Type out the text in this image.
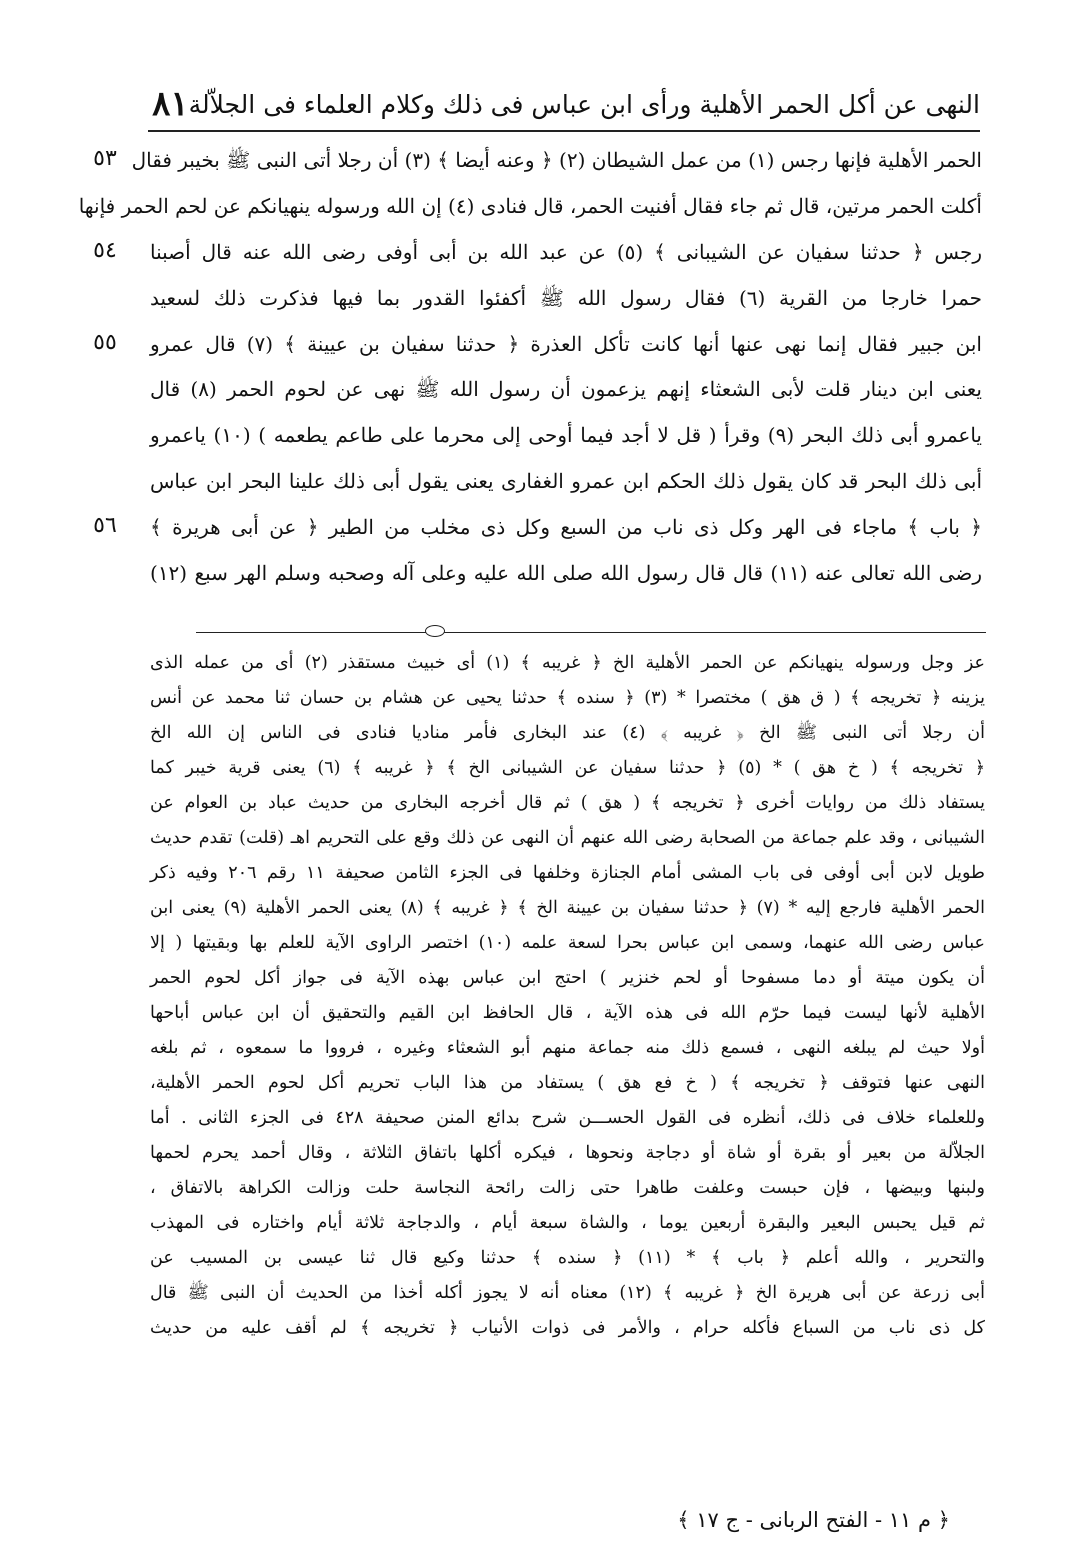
النهى عن أكل الحمر الأهلية ورأى ابن عباس فى ذلك وكلام العلماء فى الجلاّلة
٨١
٥٣
٥٤
٥٥
٥٦
الحمر الأهلية فإنها رجس (١) من عمل الشيطان (٢) ﴿ وعنه أيضا ﴾ (٣) أن رجلا أتى النبى ﷺ بخيبر فقال
أكلت الحمر مرتين، قال ثم جاء فقال أفنيت الحمر، قال فنادى (٤) إن الله ورسوله ينهيانكم عن لحم الحمر فإنها
رجس ﴿ حدثنا سفيان عن الشيبانى ﴾ (٥) عن عبد الله بن أبى أوفى رضى الله عنه قال أصبنا
حمرا خارجا من القرية (٦) فقال رسول الله ﷺ أكفئوا القدور بما فيها فذكرت ذلك لسعيد
ابن جبير فقال إنما نهى عنها أنها كانت تأكل العذرة ﴿ حدثنا سفيان بن عيينة ﴾ (٧) قال عمرو
يعنى ابن دينار قلت لأبى الشعثاء إنهم يزعمون أن رسول الله ﷺ نهى عن لحوم الحمر (٨) قال
ياعمرو أبى ذلك البحر (٩) وقرأ ( قل لا أجد فيما أوحى إلى محرما على طاعم يطعمه ) (١٠) ياعمرو
أبى ذلك البحر قد كان يقول ذلك الحكم ابن عمرو الغفارى يعنى يقول أبى ذلك علينا البحر ابن عباس
﴿ باب ﴾ ماجاء فى الهر وكل ذى ناب من السبع وكل ذى مخلب من الطير ﴿ عن أبى هريرة ﴾
رضى الله تعالى عنه (١١) قال قال رسول الله صلى الله عليه وعلى آله وصحبه وسلم الهر سبع (١٢)
عز وجل ورسوله ينهيانكم عن الحمر الأهلية الخ ﴿ غريبه ﴾ (١) أى خبيث مستقذر (٢) أى من عمله الذى
يزينه ﴿ تخريجه ﴾ ( ق هق ) مختصرا * (٣) ﴿ سنده ﴾ حدثنا يحيى عن هشام بن حسان ثنا محمد عن أنس
أن رجلا أتى النبى ﷺ الخ ﴿ غريبه ﴾ (٤) عند البخارى فأمر مناديا فنادى فى الناس إن الله الخ
﴿ تخريجه ﴾ ( خ هق ) * (٥) ﴿ حدثنا سفيان عن الشيبانى الخ ﴾ ﴿ غريبه ﴾ (٦) يعنى قرية خيبر كما
يستفاد ذلك من روايات أخرى ﴿ تخريجه ﴾ ( هق ) ثم قال أخرجه البخارى من حديث عباد بن العوام عن
الشيبانى ، وقد علم جماعة من الصحابة رضى الله عنهم أن النهى عن ذلك وقع على التحريم اهـ (قلت) تقدم حديث
طويل لابن أبى أوفى فى باب المشى أمام الجنازة وخلفها فى الجزء الثامن صحيفة ١١ رقم ٢٠٦ وفيه ذكر
الحمر الأهلية فارجع إليه * (٧) ﴿ حدثنا سفيان بن عيينة الخ ﴾ ﴿ غريبه ﴾ (٨) يعنى الحمر الأهلية (٩) يعنى ابن
عباس رضى الله عنهما، وسمى ابن عباس بحرا لسعة علمه (١٠) اختصر الراوى الآية للعلم بها وبقيتها ( إلا
أن يكون ميتة أو دما مسفوحا أو لحم خنزير ) احتج ابن عباس بهذه الآية فى جواز أكل لحوم الحمر
الأهلية لأنها ليست فيما حرّم الله فى هذه الآية ، قال الحافظ ابن القيم والتحقيق أن ابن عباس أباحها
أولا حيث لم يبلغه النهى ، فسمع ذلك منه جماعة منهم أبو الشعثاء وغيره ، فرووا ما سمعوه ، ثم بلغه
النهى عنها فتوقف ﴿ تخريجه ﴾ ( خ فع هق ) يستفاد من هذا الباب تحريم أكل لحوم الحمر الأهلية،
وللعلماء خلاف فى ذلك، أنظره فى القول الحســـن شرح بدائع المنن صحيفة ٤٢٨ فى الجزء الثانى . أما
الجلاّلة من بعير أو بقرة أو شاة أو دجاجة ونحوها ، فيكره أكلها باتفاق الثلاثة ، وقال أحمد يحرم لحمها
ولبنها وبيضها ، فإن حبست وعلفت طاهرا حتى زالت رائحة النجاسة حلت وزالت الكراهة بالاتفاق ،
ثم قيل يحبس البعير والبقرة أربعين يوما ، والشاة سبعة أيام ، والدجاجة ثلاثة أيام واختاره فى المهذب
والتحرير ، والله أعلم ﴿ باب ﴾ * (١١) ﴿ سنده ﴾ حدثنا وكيع قال ثنا عيسى بن المسيب عن
أبى زرعة عن أبى هريرة الخ ﴿ غريبه ﴾ (١٢) معناه أنه لا يجوز أكله أخذا من الحديث أن النبى ﷺ قال
كل ذى ناب من السباع فأكله حرام ، والأمر فى ذوات الأنياب ﴿ تخريجه ﴾ لم أقف عليه من حديث
﴿ م ١١ - الفتح الربانى - ج ١٧ ﴾
